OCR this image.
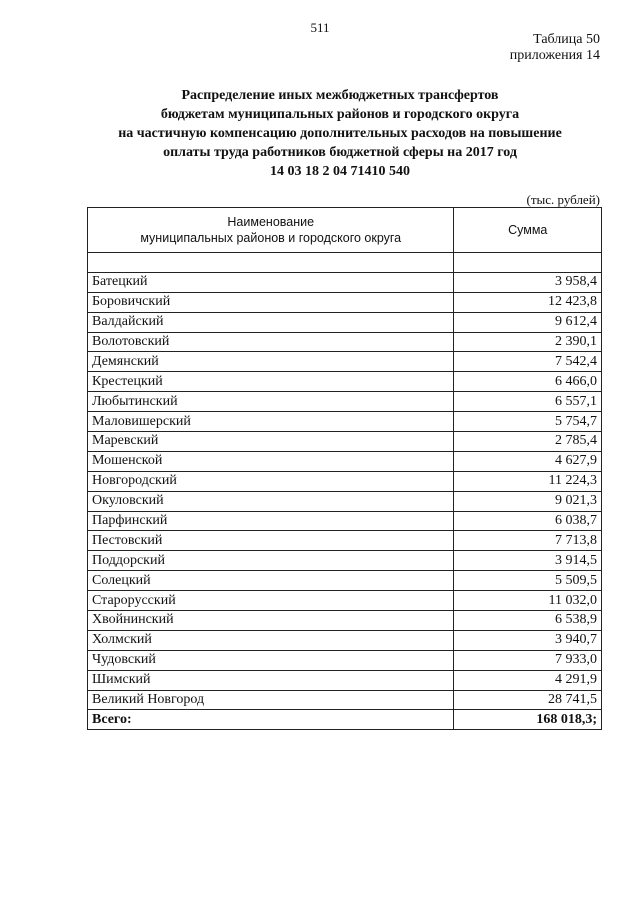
511
Таблица 50
приложения 14
Распределение иных межбюджетных трансфертов
бюджетам муниципальных районов и городского округа
на частичную компенсацию дополнительных расходов на повышение
оплаты труда работников бюджетной сферы на 2017 год
14 03 18 2 04 71410 540
(тыс. рублей)
Наименование
муниципальных районов и городского округа	Сумма

Батецкий	3 958,4
Боровичский	12 423,8
Валдайский	9 612,4
Волотовский	2 390,1
Демянский	7 542,4
Крестецкий	6 466,0
Любытинский	6 557,1
Маловишерский	5 754,7
Маревский	2 785,4
Мошенской	4 627,9
Новгородский	11 224,3
Окуловский	9 021,3
Парфинский	6 038,7
Пестовский	7 713,8
Поддорский	3 914,5
Солецкий	5 509,5
Старорусский	11 032,0
Хвойнинский	6 538,9
Холмский	3 940,7
Чудовский	7 933,0
Шимский	4 291,9
Великий Новгород	28 741,5
Всего:	168 018,3;
